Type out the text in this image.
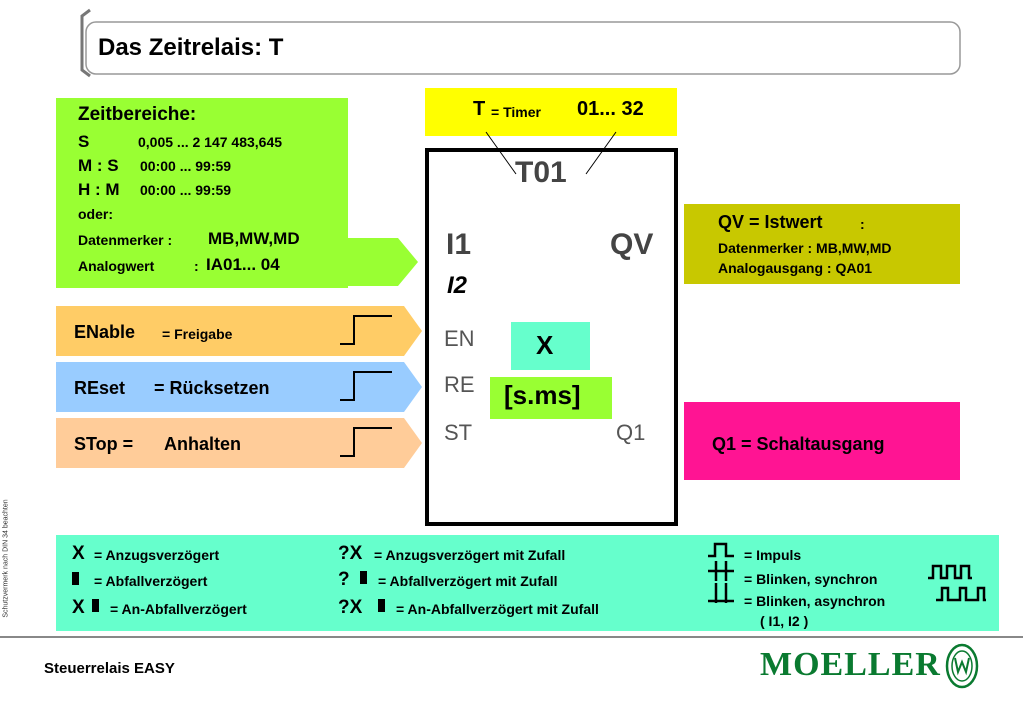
Das Zeitrelais: T
Zeitbereiche:
S	0,005 ... 2 147 483,645
M : S 00:00 ... 99:59
H : M 00:00 ... 99:59
oder:
Datenmerker : MB,MW,MD
Analogwert	: IA01... 04
T = Timer 01... 32
T01
I1	QV
I2
EN
RE
ST	Q1
X
[s.ms]
ENable = Freigabe
REset = Rücksetzen
STop = Anhalten
QV = Istwert	:
Datenmerker : MB,MW,MD
Analogausgang : QA01
Q1 = Schaltausgang
X = Anzugsverzögert
= Abfallverzögert
X = An-Abfallverzögert
?X = Anzugsverzögert mit Zufall
? = Abfallverzögert mit Zufall
?X = An-Abfallverzögert mit Zufall
= Impuls
= Blinken, synchron
= Blinken, asynchron
( I1, I2 )
Steuerrelais EASY
Schutzvermerk nach DIN 34 beachten
MOELLER
